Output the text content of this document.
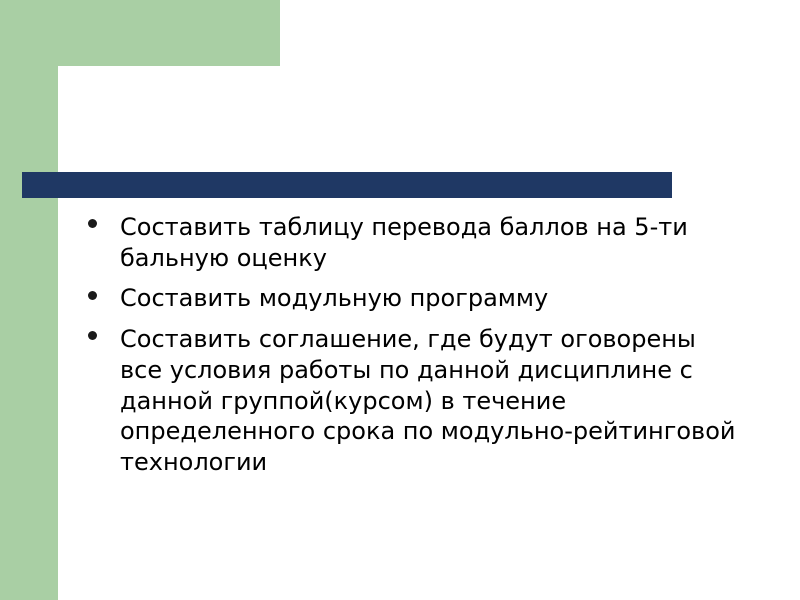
Составить таблицу перевода баллов на 5-ти бальную оценку
Составить модульную программу
Составить соглашение, где будут оговорены все условия работы по данной дисциплине с данной группой(курсом) в течение определенного срока по модульно-рейтинговой технологии
